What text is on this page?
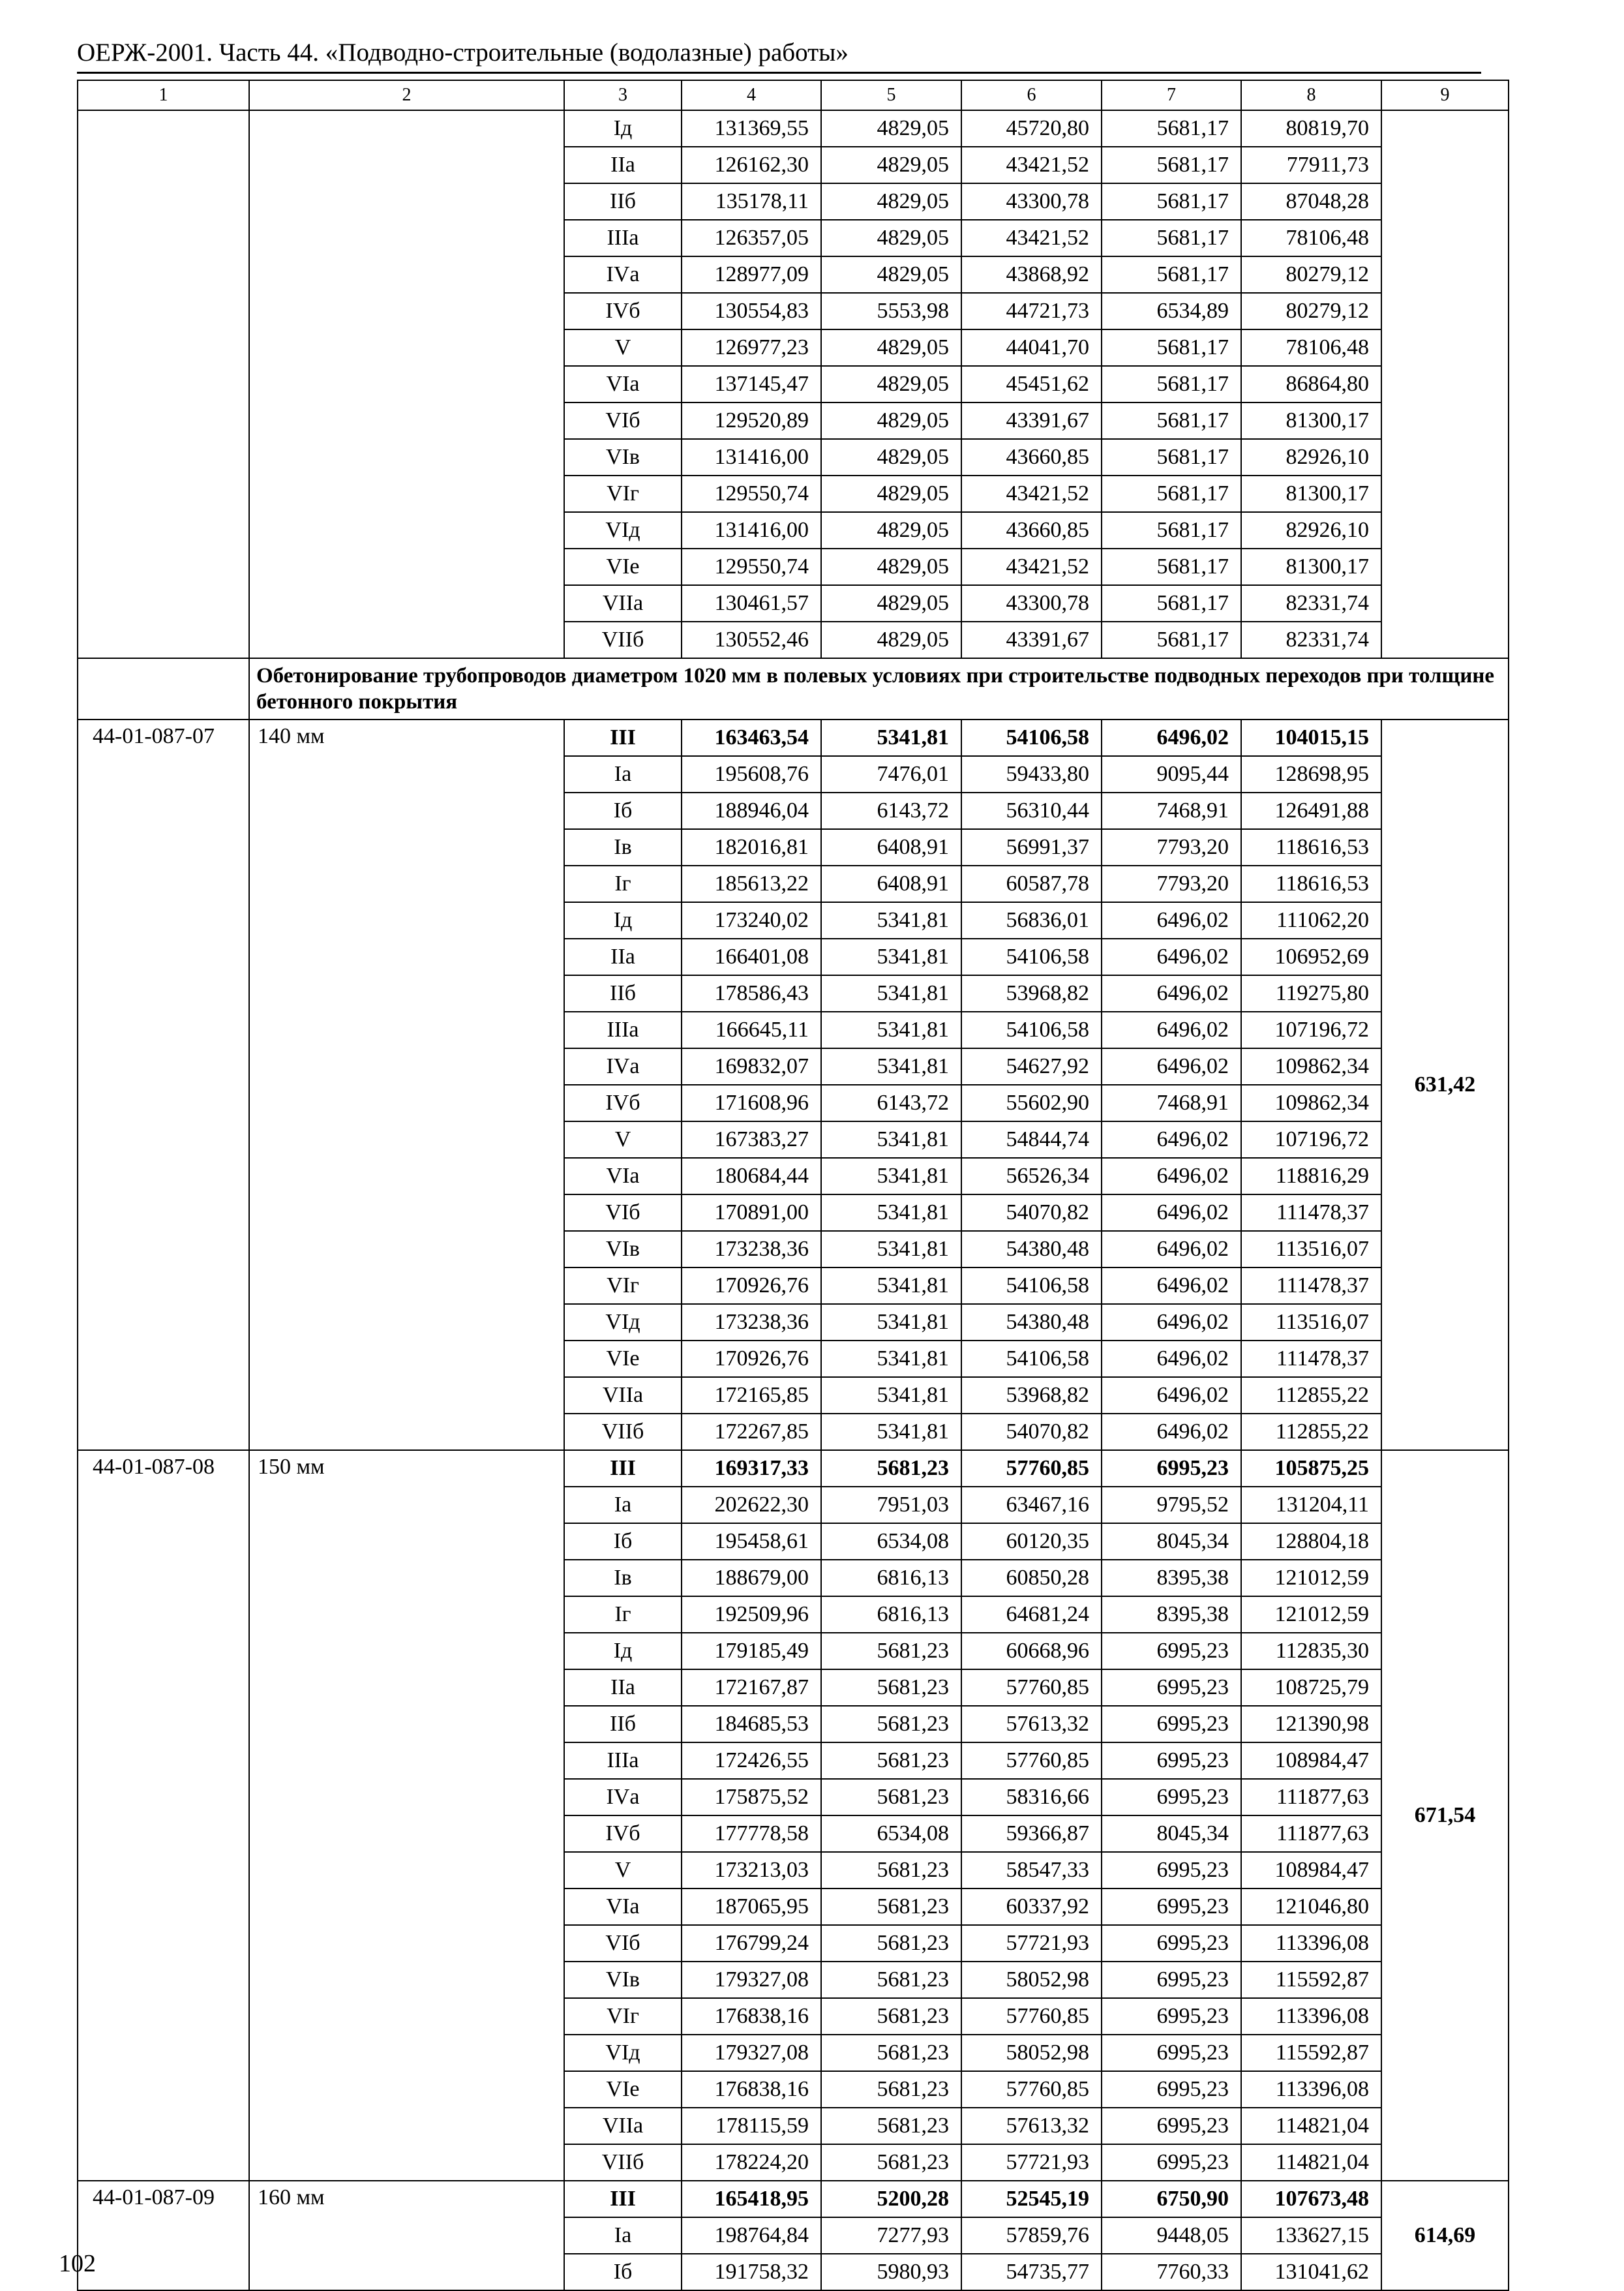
ОЕРЖ-2001. Часть 44. «Подводно-строительные (водолазные) работы»
1	2	3	4	5	6	7	8	9
		Iд	131369,55	4829,05	45720,80	5681,17	80819,70	
		IIа	126162,30	4829,05	43421,52	5681,17	77911,73	
		IIб	135178,11	4829,05	43300,78	5681,17	87048,28	
		IIIа	126357,05	4829,05	43421,52	5681,17	78106,48	
		IVа	128977,09	4829,05	43868,92	5681,17	80279,12	
		IVб	130554,83	5553,98	44721,73	6534,89	80279,12	
		V	126977,23	4829,05	44041,70	5681,17	78106,48	
		VIа	137145,47	4829,05	45451,62	5681,17	86864,80	
		VIб	129520,89	4829,05	43391,67	5681,17	81300,17	
		VIв	131416,00	4829,05	43660,85	5681,17	82926,10	
		VIг	129550,74	4829,05	43421,52	5681,17	81300,17	
		VIд	131416,00	4829,05	43660,85	5681,17	82926,10	
		VIе	129550,74	4829,05	43421,52	5681,17	81300,17	
		VIIа	130461,57	4829,05	43300,78	5681,17	82331,74	
		VIIб	130552,46	4829,05	43391,67	5681,17	82331,74	
	Обетонирование трубопроводов диаметром 1020 мм в полевых условиях при строительстве подводных переходов при толщине бетонного покрытия							
44-01-087-07	140 мм	III	163463,54	5341,81	54106,58	6496,02	104015,15	631,42
		Iа	195608,76	7476,01	59433,80	9095,44	128698,95	
		Iб	188946,04	6143,72	56310,44	7468,91	126491,88	
		Iв	182016,81	6408,91	56991,37	7793,20	118616,53	
		Iг	185613,22	6408,91	60587,78	7793,20	118616,53	
		Iд	173240,02	5341,81	56836,01	6496,02	111062,20	
		IIа	166401,08	5341,81	54106,58	6496,02	106952,69	
		IIб	178586,43	5341,81	53968,82	6496,02	119275,80	
		IIIа	166645,11	5341,81	54106,58	6496,02	107196,72	
		IVа	169832,07	5341,81	54627,92	6496,02	109862,34	
		IVб	171608,96	6143,72	55602,90	7468,91	109862,34	
		V	167383,27	5341,81	54844,74	6496,02	107196,72	
		VIа	180684,44	5341,81	56526,34	6496,02	118816,29	
		VIб	170891,00	5341,81	54070,82	6496,02	111478,37	
		VIв	173238,36	5341,81	54380,48	6496,02	113516,07	
		VIг	170926,76	5341,81	54106,58	6496,02	111478,37	
		VIд	173238,36	5341,81	54380,48	6496,02	113516,07	
		VIе	170926,76	5341,81	54106,58	6496,02	111478,37	
		VIIа	172165,85	5341,81	53968,82	6496,02	112855,22	
		VIIб	172267,85	5341,81	54070,82	6496,02	112855,22	
44-01-087-08	150 мм	III	169317,33	5681,23	57760,85	6995,23	105875,25	671,54
		Iа	202622,30	7951,03	63467,16	9795,52	131204,11	
		Iб	195458,61	6534,08	60120,35	8045,34	128804,18	
		Iв	188679,00	6816,13	60850,28	8395,38	121012,59	
		Iг	192509,96	6816,13	64681,24	8395,38	121012,59	
		Iд	179185,49	5681,23	60668,96	6995,23	112835,30	
		IIа	172167,87	5681,23	57760,85	6995,23	108725,79	
		IIб	184685,53	5681,23	57613,32	6995,23	121390,98	
		IIIа	172426,55	5681,23	57760,85	6995,23	108984,47	
		IVа	175875,52	5681,23	58316,66	6995,23	111877,63	
		IVб	177778,58	6534,08	59366,87	8045,34	111877,63	
		V	173213,03	5681,23	58547,33	6995,23	108984,47	
		VIа	187065,95	5681,23	60337,92	6995,23	121046,80	
		VIб	176799,24	5681,23	57721,93	6995,23	113396,08	
		VIв	179327,08	5681,23	58052,98	6995,23	115592,87	
		VIг	176838,16	5681,23	57760,85	6995,23	113396,08	
		VIд	179327,08	5681,23	58052,98	6995,23	115592,87	
		VIе	176838,16	5681,23	57760,85	6995,23	113396,08	
		VIIа	178115,59	5681,23	57613,32	6995,23	114821,04	
		VIIб	178224,20	5681,23	57721,93	6995,23	114821,04	
44-01-087-09	160 мм	III	165418,95	5200,28	52545,19	6750,90	107673,48	614,69
		Iа	198764,84	7277,93	57859,76	9448,05	133627,15	
		Iб	191758,32	5980,93	54735,77	7760,33	131041,62	
102
